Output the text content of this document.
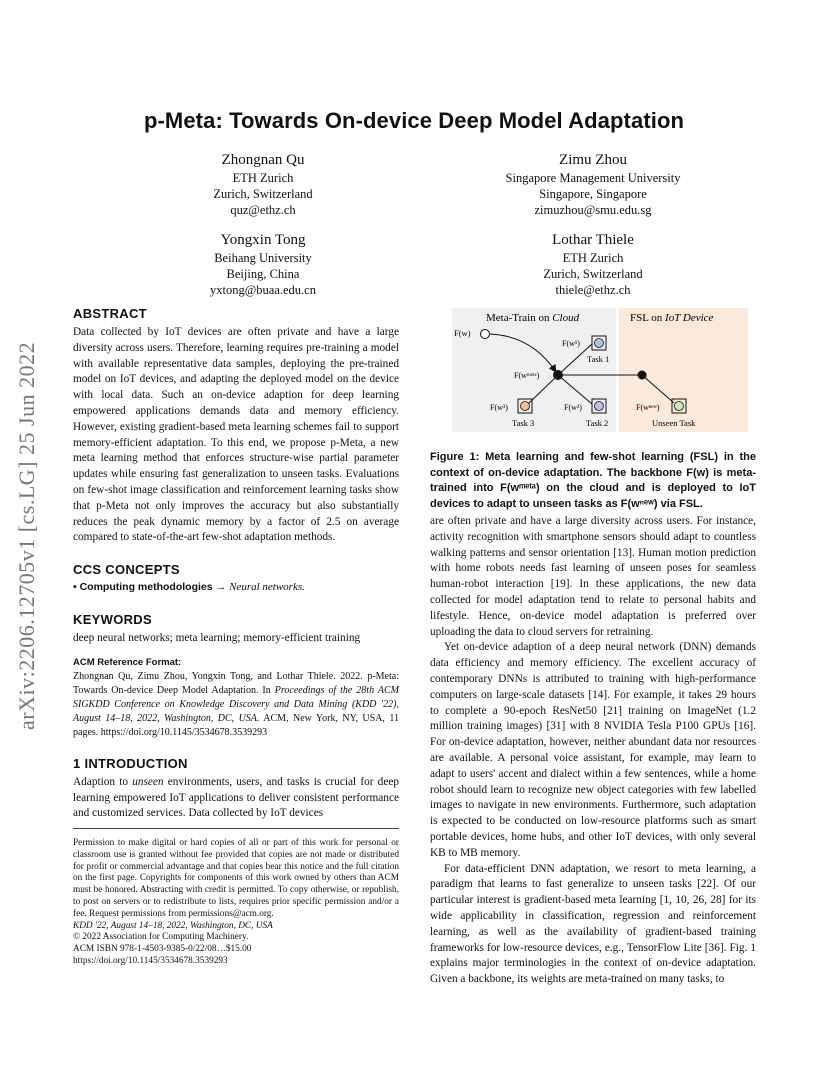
arXiv:2206.12705v1 [cs.LG] 25 Jun 2022
p-Meta: Towards On-device Deep Model Adaptation
Zhongnan Qu
ETH Zurich
Zurich, Switzerland
quz@ethz.ch
Zimu Zhou
Singapore Management University
Singapore, Singapore
zimuzhou@smu.edu.sg
Yongxin Tong
Beihang University
Beijing, China
yxtong@buaa.edu.cn
Lothar Thiele
ETH Zurich
Zurich, Switzerland
thiele@ethz.ch
ABSTRACT

Data collected by IoT devices are often private and have a large diversity across users. Therefore, learning requires pre-training a model with available representative data samples, deploying the pre-trained model on IoT devices, and adapting the deployed model on the device with local data. Such an on-device adaption for deep learning empowered applications demands data and memory efficiency. However, existing gradient-based meta learning schemes fail to support memory-efficient adaptation. To this end, we propose p-Meta, a new meta learning method that enforces structure-wise partial parameter updates while ensuring fast generalization to unseen tasks. Evaluations on few-shot image classification and reinforcement learning tasks show that p-Meta not only improves the accuracy but also substantially reduces the peak dynamic memory by a factor of 2.5 on average compared to state-of-the-art few-shot adaptation methods.

CCS CONCEPTS

• Computing methodologies → Neural networks.

KEYWORDS

deep neural networks; meta learning; memory-efficient training

ACM Reference Format:

Zhongnan Qu, Zimu Zhou, Yongxin Tong, and Lothar Thiele. 2022. p-Meta: Towards On-device Deep Model Adaptation. In Proceedings of the 28th ACM SIGKDD Conference on Knowledge Discovery and Data Mining (KDD '22), August 14–18, 2022, Washington, DC, USA. ACM, New York, NY, USA, 11 pages. https://doi.org/10.1145/3534678.3539293

1 INTRODUCTION

Adaption to unseen environments, users, and tasks is crucial for deep learning empowered IoT applications to deliver consistent performance and customized services. Data collected by IoT devices

Permission to make digital or hard copies of all or part of this work for personal or classroom use is granted without fee provided that copies are not made or distributed for profit or commercial advantage and that copies bear this notice and the full citation on the first page. Copyrights for components of this work owned by others than ACM must be honored. Abstracting with credit is permitted. To copy otherwise, or republish, to post on servers or to redistribute to lists, requires prior specific permission and/or a fee. Request permissions from permissions@acm.org.

KDD '22, August 14–18, 2022, Washington, DC, USA

© 2022 Association for Computing Machinery.

ACM ISBN 978-1-4503-9385-0/22/08…$15.00

https://doi.org/10.1145/3534678.3539293

Meta-Train on Cloud	FSL on IoT Device
F(w)
F(wᵐᵉᵗᵃ)
F(w¹)
Task 1
F(w²)
Task 2
F(w³)
Task 3
F(wⁿᵉʷ)
Unseen Task
Figure 1: Meta learning and few-shot learning (FSL) in the context of on-device adaptation. The backbone F(w) is meta-trained into F(wᵐᵉᵗᵃ) on the cloud and is deployed to IoT devices to adapt to unseen tasks as F(wⁿᵉʷ) via FSL.

are often private and have a large diversity across users. For instance, activity recognition with smartphone sensors should adapt to countless walking patterns and sensor orientation [13]. Human motion prediction with home robots needs fast learning of unseen poses for seamless human-robot interaction [19]. In these applications, the new data collected for model adaptation tend to relate to personal habits and lifestyle. Hence, on-device model adaptation is preferred over uploading the data to cloud servers for retraining.

Yet on-device adaption of a deep neural network (DNN) demands data efficiency and memory efficiency. The excellent accuracy of contemporary DNNs is attributed to training with high-performance computers on large-scale datasets [14]. For example, it takes 29 hours to complete a 90-epoch ResNet50 [21] training on ImageNet (1.2 million training images) [31] with 8 NVIDIA Tesla P100 GPUs [16]. For on-device adaptation, however, neither abundant data nor resources are available. A personal voice assistant, for example, may learn to adapt to users' accent and dialect within a few sentences, while a home robot should learn to recognize new object categories with few labelled images to navigate in new environments. Furthermore, such adaptation is expected to be conducted on low-resource platforms such as smart portable devices, home hubs, and other IoT devices, with only several KB to MB memory.

For data-efficient DNN adaptation, we resort to meta learning, a paradigm that learns to fast generalize to unseen tasks [22]. Of our particular interest is gradient-based meta learning [1, 10, 26, 28] for its wide applicability in classification, regression and reinforcement learning, as well as the availability of gradient-based training frameworks for low-resource devices, e.g., TensorFlow Lite [36]. Fig. 1 explains major terminologies in the context of on-device adaptation. Given a backbone, its weights are meta-trained on many tasks, to
